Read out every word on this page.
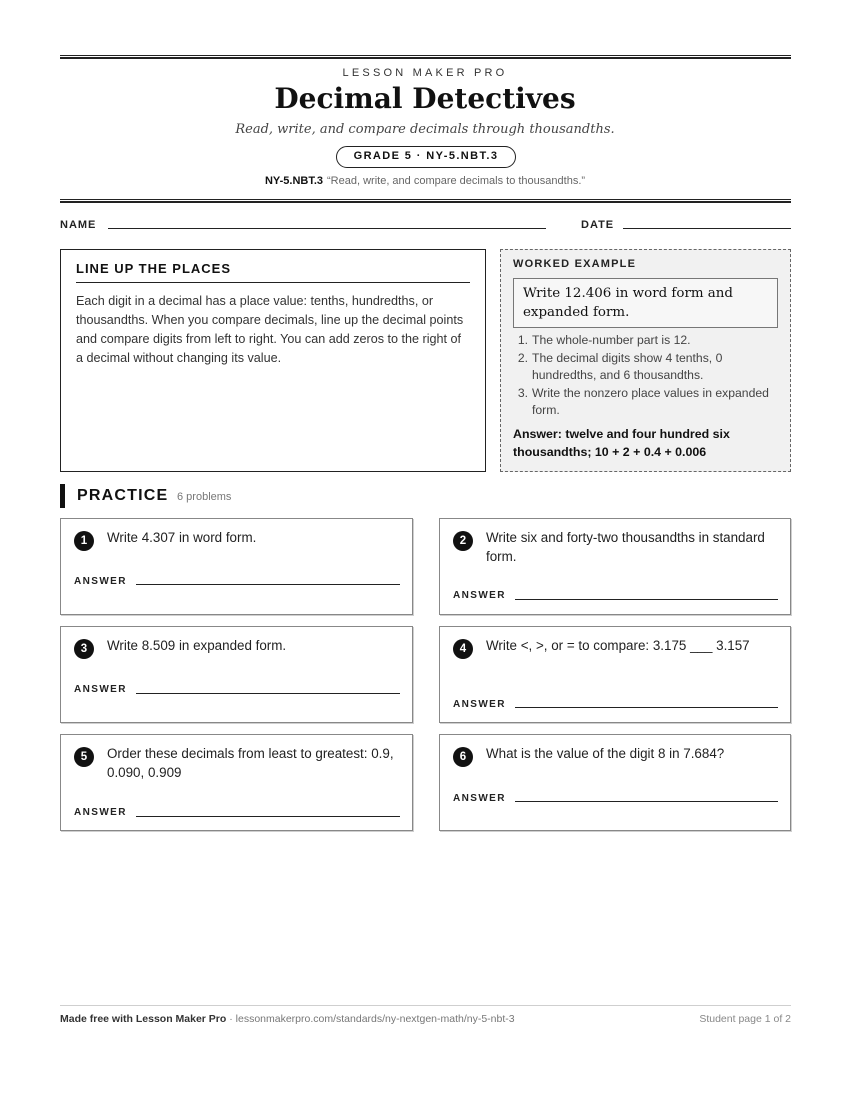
LESSON MAKER PRO
Decimal Detectives
Read, write, and compare decimals through thousandths.
GRADE 5 · NY-5.NBT.3
NY-5.NBT.3 “Read, write, and compare decimals to thousandths.”
NAME	DATE
LINE UP THE PLACES
Each digit in a decimal has a place value: tenths, hundredths, or thousandths. When you compare decimals, line up the decimal points and compare digits from left to right. You can add zeros to the right of a decimal without changing its value.
WORKED EXAMPLE
Write 12.406 in word form and expanded form.
1. The whole-number part is 12.
2. The decimal digits show 4 tenths, 0 hundredths, and 6 thousandths.
3. Write the nonzero place values in expanded form.
Answer: twelve and four hundred six thousandths; 10 + 2 + 0.4 + 0.006
PRACTICE 6 problems
1	Write 4.307 in word form.
ANSWER
2	Write six and forty-two thousandths in standard form.
ANSWER
3	Write 8.509 in expanded form.
ANSWER
4	Write <, >, or = to compare: 3.175 ___ 3.157
ANSWER
5	Order these decimals from least to greatest: 0.9, 0.090, 0.909
ANSWER
6	What is the value of the digit 8 in 7.684?
ANSWER
Made free with Lesson Maker Pro · lessonmakerpro.com/standards/ny-nextgen-math/ny-5-nbt-3	Student page 1 of 2
